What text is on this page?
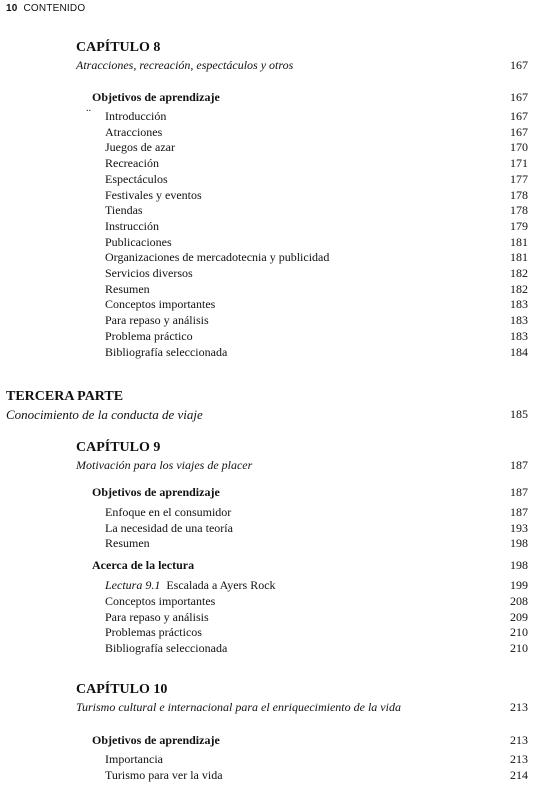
10 CONTENIDO
CAPÍTULO 8
Atracciones, recreación, espectáculos y otros	167
Objetivos de aprendizaje	167
..
Introducción	167
Atracciones	167
Juegos de azar	170
Recreación	171
Espectáculos	177
Festivales y eventos	178
Tiendas	178
Instrucción	179
Publicaciones	181
Organizaciones de mercadotecnia y publicidad	181
Servicios diversos	182
Resumen	182
Conceptos importantes	183
Para repaso y análisis	183
Problema práctico	183
Bibliografía seleccionada	184
TERCERA PARTE
Conocimiento de la conducta de viaje	185
CAPÍTULO 9
Motivación para los viajes de placer	187
Objetivos de aprendizaje	187
Enfoque en el consumidor	187
La necesidad de una teoría	193
Resumen	198
Acerca de la lectura	198
Lectura 9.1 Escalada a Ayers Rock	199
Conceptos importantes	208
Para repaso y análisis	209
Problemas prácticos	210
Bibliografía seleccionada	210
CAPÍTULO 10
Turismo cultural e internacional para el enriquecimiento de la vida	213
Objetivos de aprendizaje	213
Importancia	213
Turismo para ver la vida	214
